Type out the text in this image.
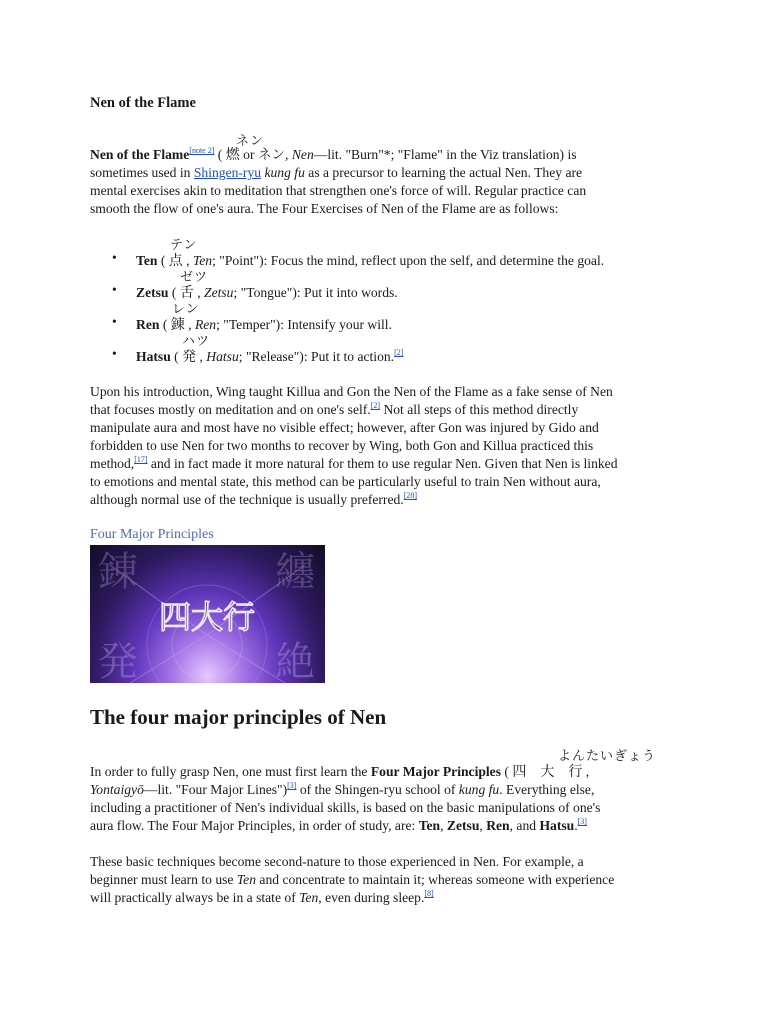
Nen of the Flame
ネン

Nen of the Flame[note 2] ( 燃 or ネン, Nen—lit. "Burn"*; "Flame" in the Viz translation) is

sometimes used in Shingen-ryu kung fu as a precursor to learning the actual Nen. They are

mental exercises akin to meditation that strengthen one's force of will. Regular practice can

smooth the flow of one's aura. The Four Exercises of Nen of the Flame are as follows:

テン
• Ten ( 点 , Ten; "Point"): Focus the mind, reflect upon the self, and determine the goal.
ゼツ
• Zetsu ( 舌 , Zetsu; "Tongue"): Put it into words.
レン
• Ren ( 錬 , Ren; "Temper"): Intensify your will.
ハツ
• Hatsu ( 発 , Hatsu; "Release"): Put it to action.[2]

Upon his introduction, Wing taught Killua and Gon the Nen of the Flame as a fake sense of Nen

that focuses mostly on meditation and on one's self.[2] Not all steps of this method directly

manipulate aura and most have no visible effect; however, after Gon was injured by Gido and

forbidden to use Nen for two months to recover by Wing, both Gon and Killua practiced this

method,[17] and in fact made it more natural for them to use regular Nen. Given that Nen is linked

to emotions and mental state, this method can be particularly useful to train Nen without aura,

although normal use of the technique is usually preferred.[28]

Four Major Principles
錬	纏
発	絶
四大行
The four major principles of Nen
よんたいぎょう

In order to fully grasp Nen, one must first learn the Four Major Principles ( 四　大　行 ,

Yontaigyō—lit. "Four Major Lines")[3] of the Shingen-ryu school of kung fu. Everything else,

including a practitioner of Nen's individual skills, is based on the basic manipulations of one's

aura flow. The Four Major Principles, in order of study, are: Ten, Zetsu, Ren, and Hatsu.[3]

These basic techniques become second-nature to those experienced in Nen. For example, a

beginner must learn to use Ten and concentrate to maintain it; whereas someone with experience

will practically always be in a state of Ten, even during sleep.[8]
